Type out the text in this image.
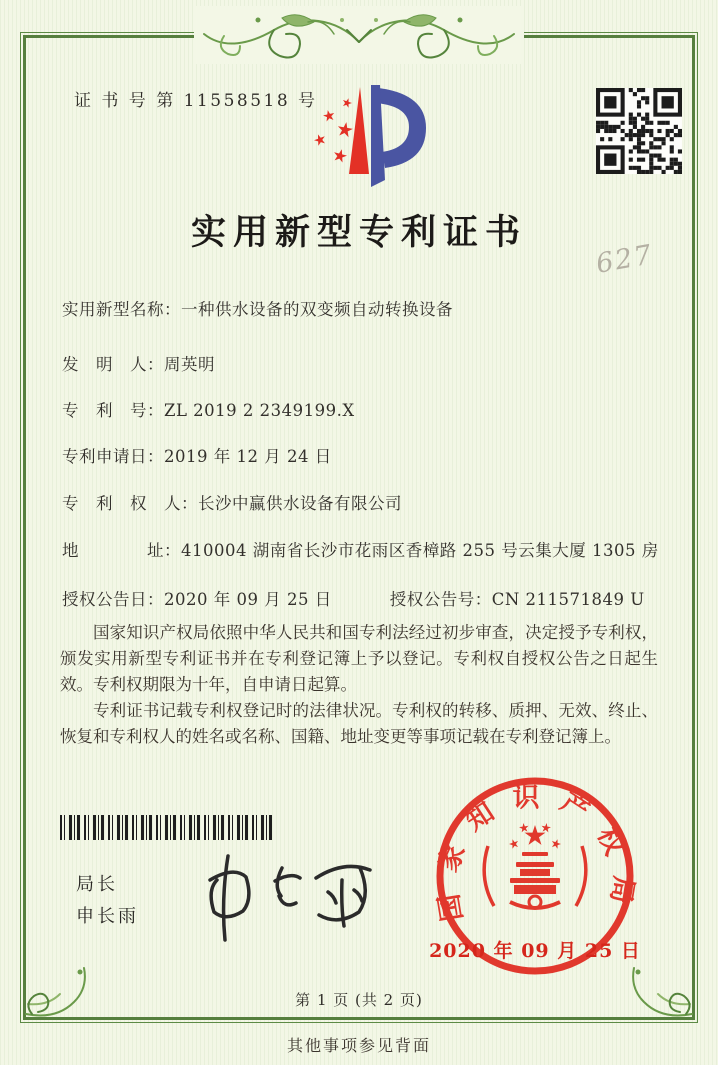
证 书 号 第 11558518 号
实用新型专利证书
627
实用新型名称：一种供水设备的双变频自动转换设备
发　明　人：周英明
专　利　号：ZL 2019 2 2349199.X
专利申请日：2019 年 12 月 24 日
专　利　权　人：长沙中赢供水设备有限公司
地　　　　址：410004 湖南省长沙市花雨区香樟路 255 号云集大厦 1305 房
授权公告日：2020 年 09 月 25 日	授权公告号：CN 211571849 U

国家知识产权局依照中华人民共和国专利法经过初步审查，决定授予专利权，颁发实用新型专利证书并在专利登记簿上予以登记。专利权自授权公告之日起生效。专利权期限为十年，自申请日起算。

专利证书记载专利权登记时的法律状况。专利权的转移、质押、无效、终止、恢复和专利权人的姓名或名称、国籍、地址变更等事项记载在专利登记簿上。

局长
申长雨	国家知识产权局
2020 年 09 月 25 日
第 1 页 (共 2 页)
其他事项参见背面
